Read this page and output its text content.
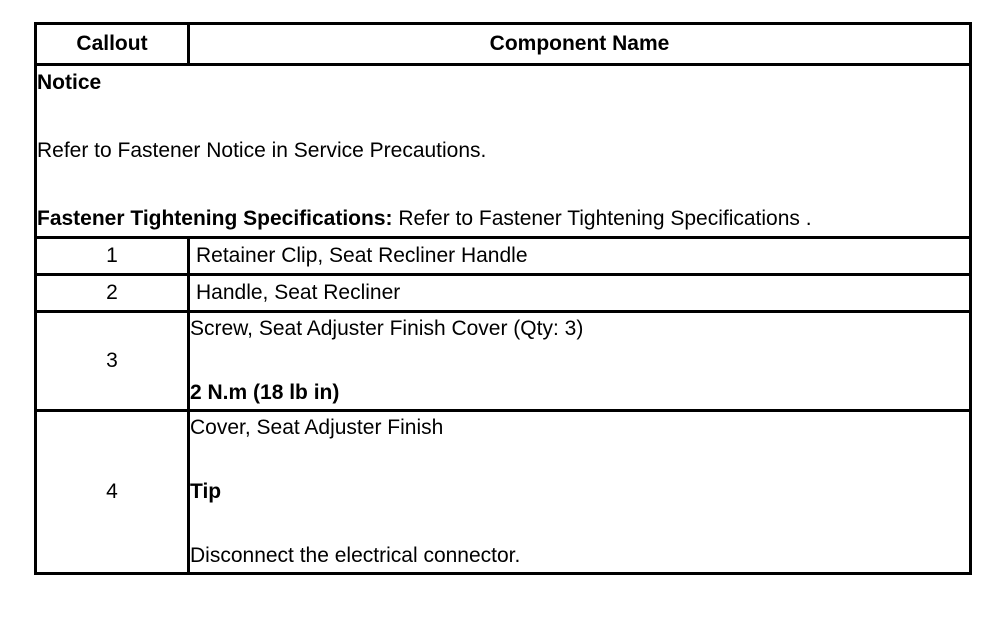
Callout	Component Name

Notice
Refer to Fastener Notice in Service Precautions.
Fastener Tightening Specifications: Refer to Fastener Tightening Specifications .	

1	Retainer Clip, Seat Recliner Handle
2	Handle, Seat Recliner
3	Screw, Seat Adjuster Finish Cover (Qty: 3)
2 N.m (18 lb in)

4	Cover, Seat Adjuster Finish
Tip
Disconnect the electrical connector.
